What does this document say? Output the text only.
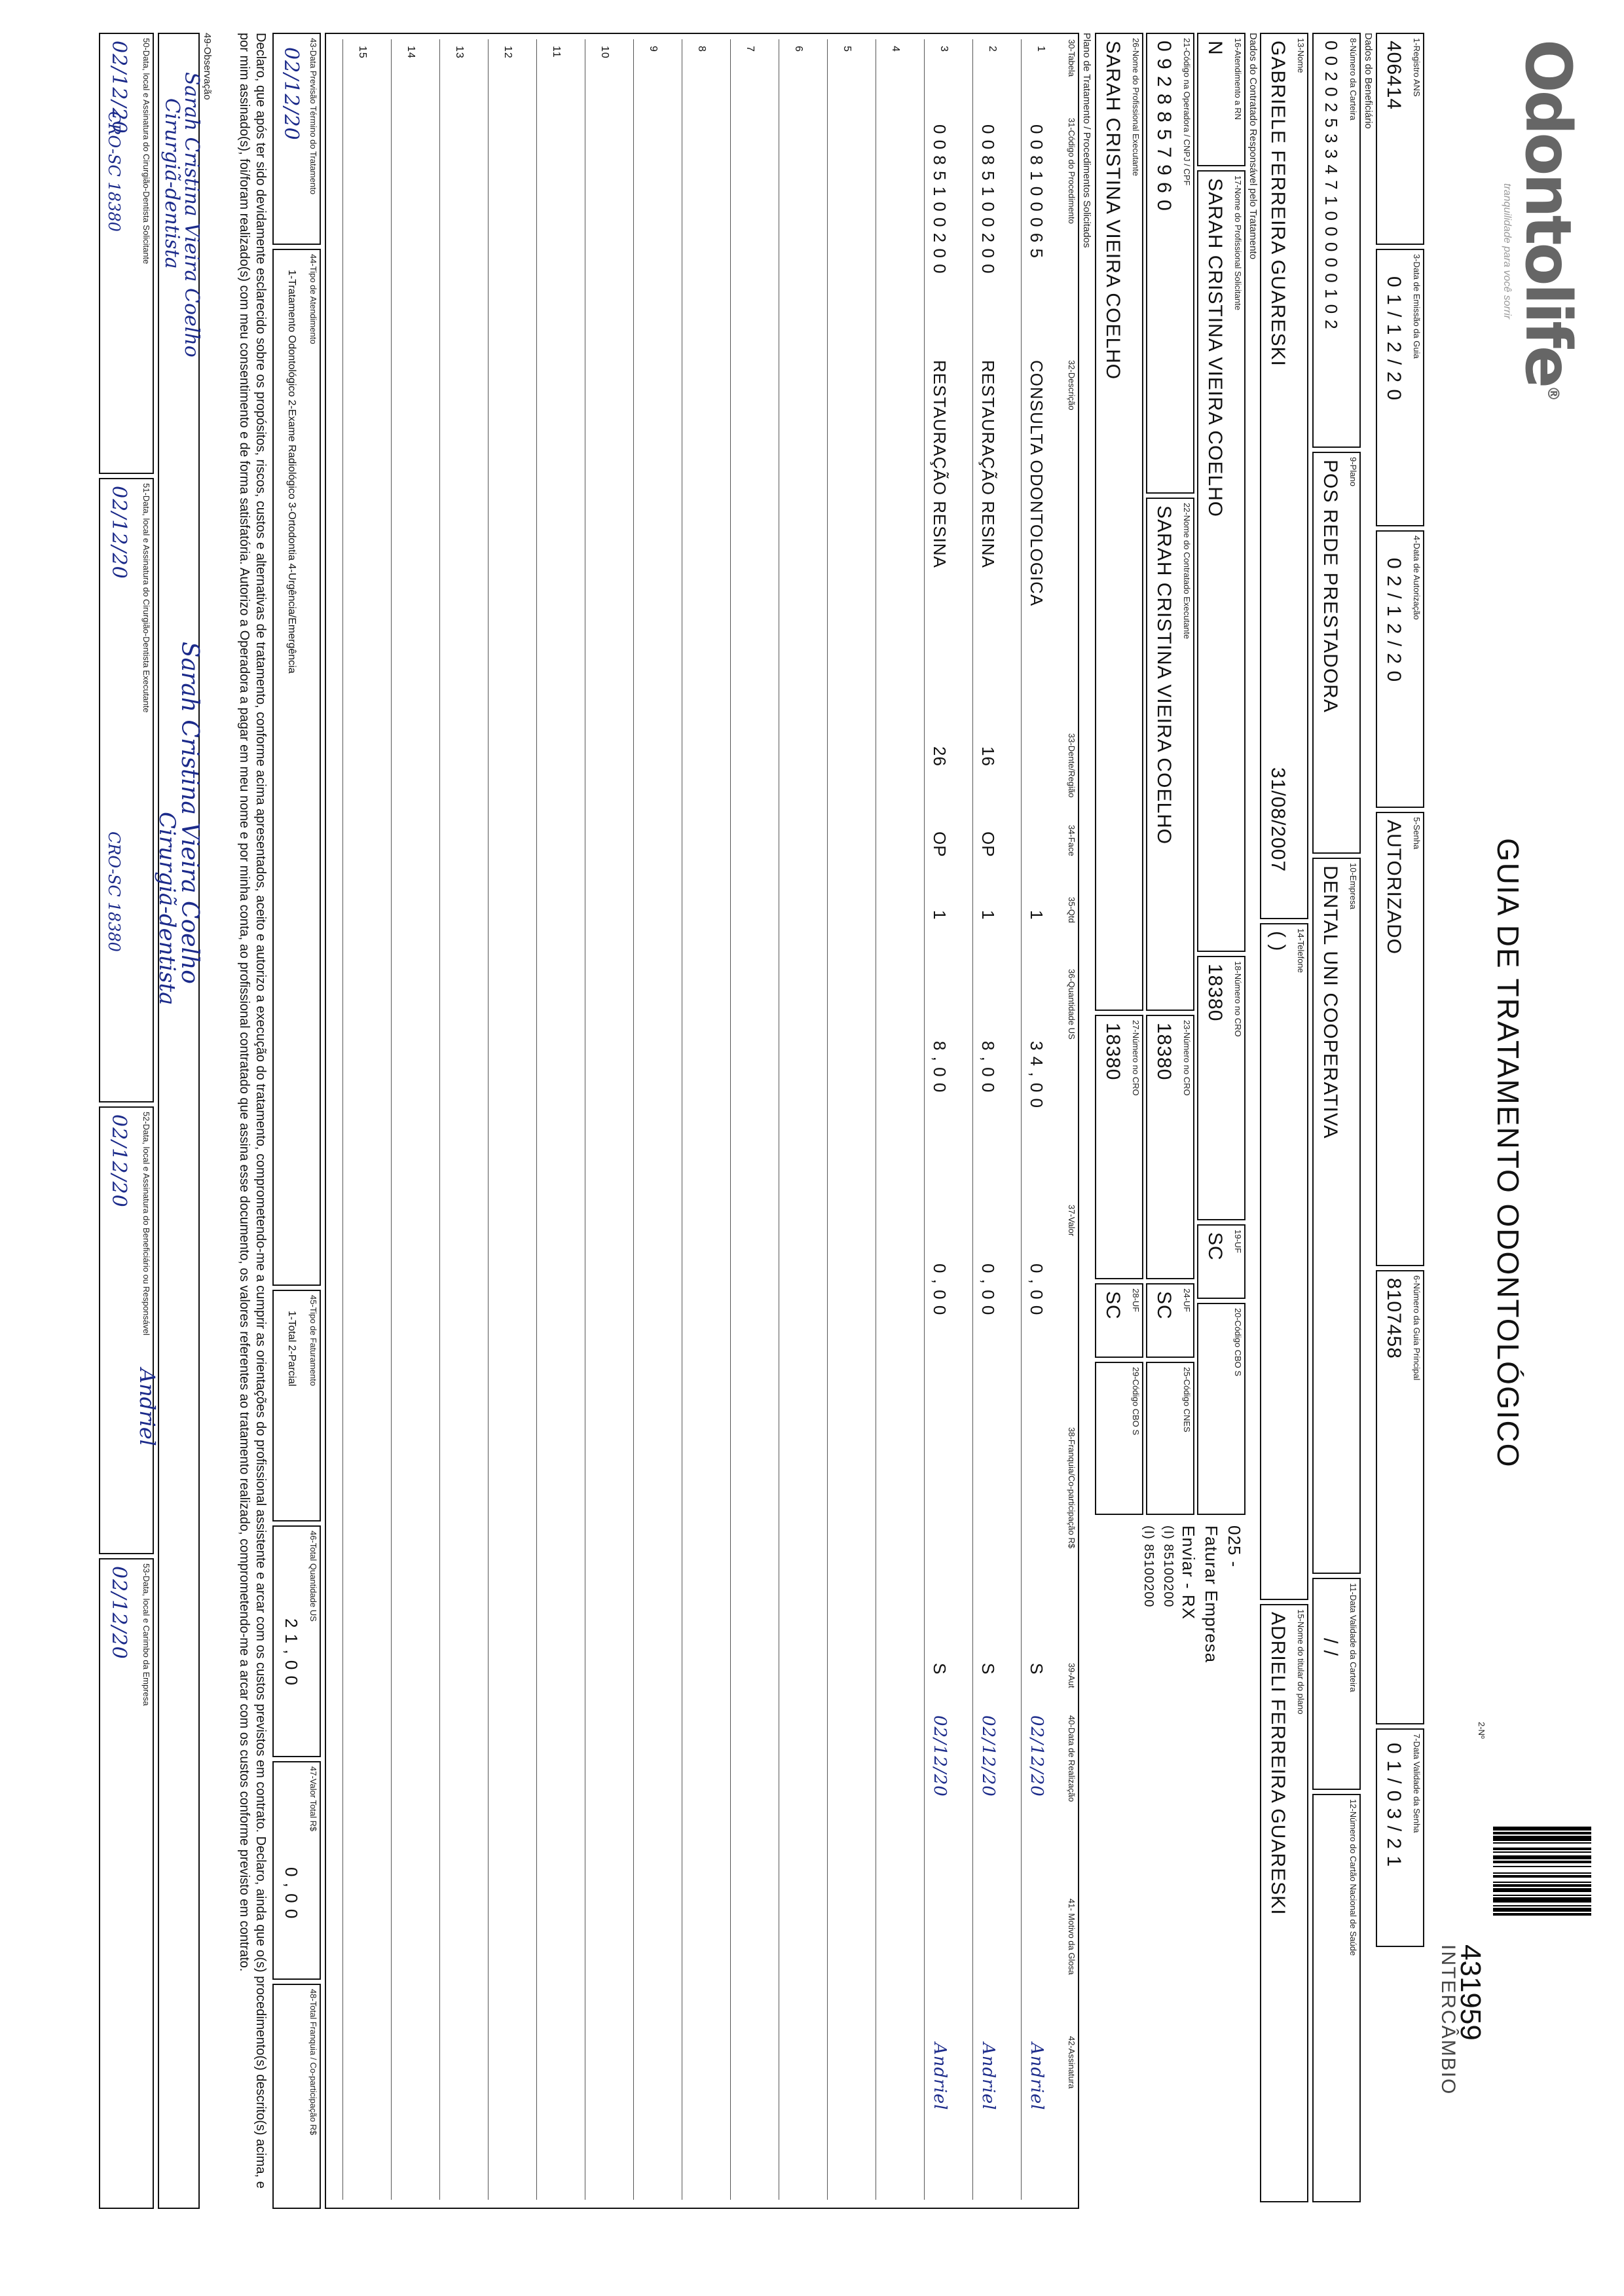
Odontolife®
tranquilidade para você sorrir
GUIA DE TRATAMENTO ODONTOLÓGICO
2-Nº
431959
INTERCÂMBIO
1-Registro ANS
406414
3-Data de Emissão da Guia
0 1 / 1 2 / 2 0
4-Data de Autorização
0 2 / 1 2 / 2 0
5-Senha
AUTORIZADO
6-Número da Guia Principal
8107458
7-Data Validade da Senha
0 1 / 0 3 / 2 1
Dados do Beneficiário
8-Número da Carteira
0 0 2 0 2 5 3 3 4 7 1 0 0 0 0 0 1 0 2
9-Plano
POS REDE PRESTADORA
10-Empresa
DENTAL UNI COOPERATIVA
11-Data Validade da Carteira
/ /
12-Número do Cartão Nacional de Saúde
13-Nome
GABRIELE FERREIRA GUARESKI
31/08/2007
14-Telefone
( )
15-Nome do titular do plano
ADRIELI FERREIRA GUARESKI
Dados do Contratado Responsável pelo Tratamento
16-Atendimento a RN
N
17-Nome do Profissional Solicitante
SARAH CRISTINA VIEIRA COELHO
18-Número no CRO
18380
19-UF
SC
20-Código CBO S
025 -
Faturar Empresa
Enviar - RX
(I) 85100200
(I) 85100200
21-Código na Operadora / CNPJ / CPF
0 9 2 8 8 5 7 9 6 0
22-Nome do Contratado Executante
SARAH CRISTINA VIEIRA COELHO
23-Número no CRO
18380
24-UF
SC
25-Código CNES
26-Nome do Profissional Executante
SARAH CRISTINA VIEIRA COELHO
27-Número no CRO
18380
28-UF
SC
29-Código CBO S
Plano de Tratamento / Procedimentos Solicitados
30-Tabela
31-Código do Procedimento
32-Descrição
33-Dente/Região
34-Face
35-Qtd
36-Quantidade US
37-Valor
38-Franquia/Co-participação R$
39-Aut
40-Data de Realização
41- Motivo da Glosa
42-Assinatura
43-Data Previsão Término do Tratamento
02/12/20
44-Tipo de Atendimento
1-Tratamento Odontológico 2-Exame Radiológico 3-Ortodontia 4-Urgência/Emergência
45-Tipo de Faturamento
1-Total 2-Parcial
46-Total Quantidade US
2 1 , 0 0
47-Valor Total R$
0 , 0 0
48-Total Franquia / Co-participação R$
Declaro, que após ter sido devidamente esclarecido sobre os propósitos, riscos, custos e alternativas de tratamento, conforme acima apresentados, aceito e autorizo a execução do tratamento, comprometendo-me a cumprir as orientações do profissional assistente e arcar com os custos previstos em contrato. Declaro, ainda que o(s) procedimento(s) descrito(s) acima, e por mim assinado(s), foi/foram realizado(s) com meu consentimento e de forma satisfatória. Autorizo a Operadora a pagar em meu nome e por minha conta, ao profissional contratado que assina esse documento, os valores referentes ao tratamento realizado, comprometendo-me a arcar com os custos conforme previsto em contrato.
49-Observação
50-Data, local e Assinatura do Cirurgião-Dentista Solicitante
02/12/20
51-Data, local e Assinatura do Cirurgião-Dentista Executante
02/12/20
52-Data, local e Assinatura do Beneficiário ou Responsável
02/12/20
53-Data, local e Carimbo da Empresa
02/12/20
Sarah Cristina Vieira Coelho
Cirurgiã-dentista
CRO-SC 18380
Sarah Cristina Vieira Coelho
Cirurgiã-dentista
CRO-SC 18380
Andriel
1
0 0 8 1 0 0 0 6 5
CONSULTA ODONTOLOGICA
1
3 4 , 0 0
0 , 0 0
S
02/12/20
Andriel
2
0 0 8 5 1 0 0 2 0 0
RESTAURAÇÃO RESINA
16
OP
1
8 , 0 0
0 , 0 0
S
02/12/20
Andriel
3
0 0 8 5 1 0 0 2 0 0
RESTAURAÇÃO RESINA
26
OP
1
8 , 0 0
0 , 0 0
S
02/12/20
Andriel
4
5
6
7
8
9
10
11
12
13
14
15
